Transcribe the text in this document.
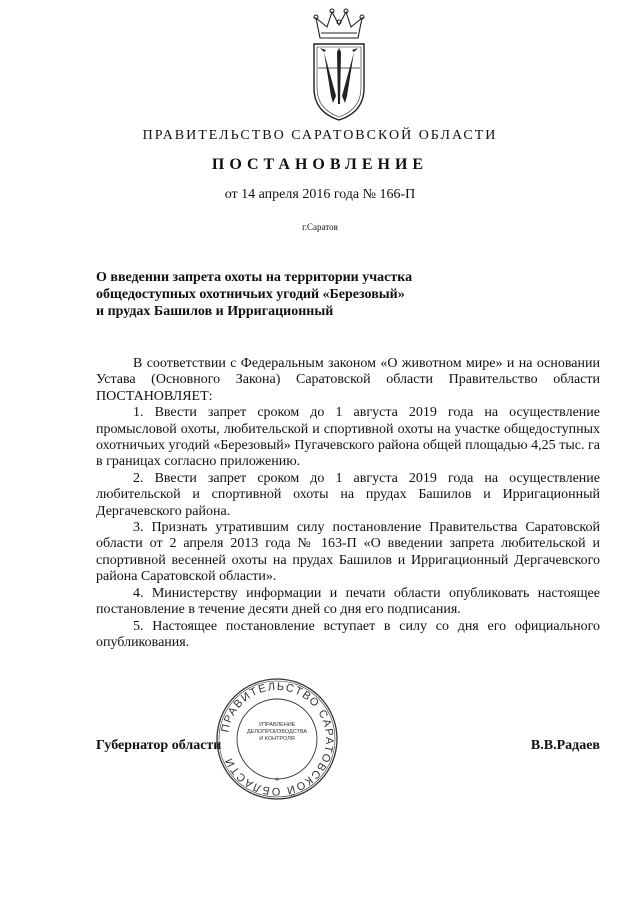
ПРАВИТЕЛЬСТВО САРАТОВСКОЙ ОБЛАСТИ
ПОСТАНОВЛЕНИЕ
от 14 апреля 2016 года № 166-П
г.Саратов
О введении запрета охоты на территории участка
общедоступных охотничьих угодий «Березовый»
и прудах Башилов и Ирригационный

В соответствии с Федеральным законом «О животном мире» и на основании Устава (Основного Закона) Саратовской области Правительство области ПОСТАНОВЛЯЕТ:

1. Ввести запрет сроком до 1 августа 2019 года на осуществление промысловой охоты, любительской и спортивной охоты на участке общедоступных охотничьих угодий «Березовый» Пугачевского района общей площадью 4,25 тыс. га в границах согласно приложению.

2. Ввести запрет сроком до 1 августа 2019 года на осуществление любительской и спортивной охоты на прудах Башилов и Ирригационный Дергачевского района.

3. Признать утратившим силу постановление Правительства Саратовской области от 2 апреля 2013 года № 163-П «О введении запрета любительской и спортивной весенней охоты на прудах Башилов и Ирригационный Дергачевского района Саратовской области».

4. Министерству информации и печати области опубликовать настоящее постановление в течение десяти дней со дня его подписания.

5. Настоящее постановление вступает в силу со дня его официального опубликования.

ПРАВИТЕЛЬСТВО САРАТОВСКОЙ ОБЛАСТИ
*
УПРАВЛЕНИЕ
ДЕЛОПРОИЗВОДСТВА
И КОНТРОЛЯ
Губернатор области	В.В.Радаев
